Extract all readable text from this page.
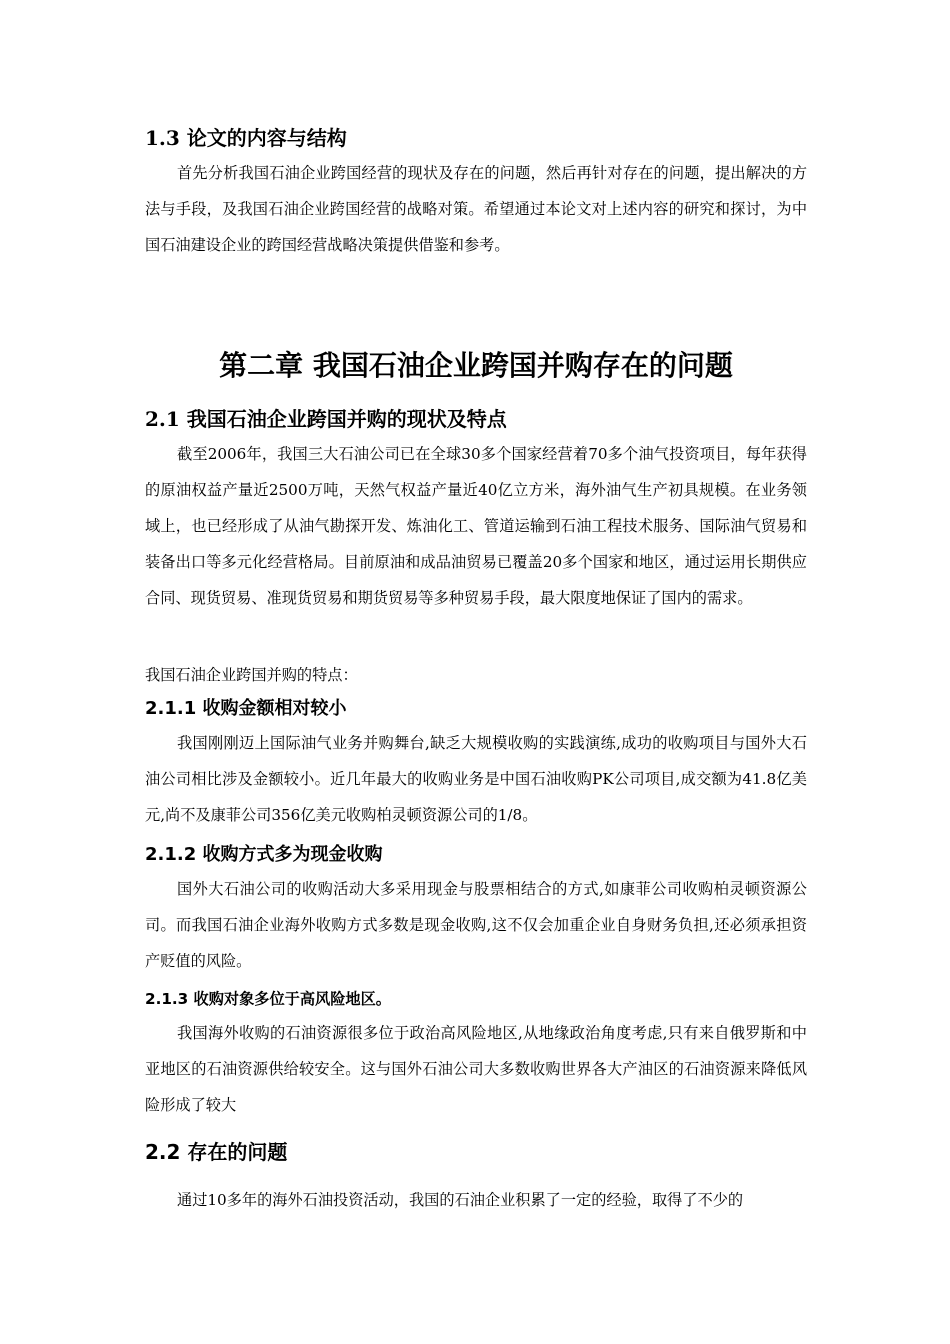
1.3 论文的内容与结构

首先分析我国石油企业跨国经营的现状及存在的问题，然后再针对存在的问题，提出解决的方法与手段，及我国石油企业跨国经营的战略对策。希望通过本论文对上述内容的研究和探讨，为中国石油建设企业的跨国经营战略决策提供借鉴和参考。

第二章 我国石油企业跨国并购存在的问题
2.1 我国石油企业跨国并购的现状及特点

截至2006年，我国三大石油公司已在全球30多个国家经营着70多个油气投资项目，每年获得的原油权益产量近2500万吨，天然气权益产量近40亿立方米，海外油气生产初具规模。在业务领域上，也已经形成了从油气勘探开发、炼油化工、管道运输到石油工程技术服务、国际油气贸易和装备出口等多元化经营格局。目前原油和成品油贸易已覆盖20多个国家和地区，通过运用长期供应合同、现货贸易、准现货贸易和期货贸易等多种贸易手段，最大限度地保证了国内的需求。

我国石油企业跨国并购的特点：

2.1.1 收购金额相对较小

我国刚刚迈上国际油气业务并购舞台,缺乏大规模收购的实践演练,成功的收购项目与国外大石油公司相比涉及金额较小。近几年最大的收购业务是中国石油收购PK公司项目,成交额为41.8亿美元,尚不及康菲公司356亿美元收购柏灵顿资源公司的1/8。

2.1.2 收购方式多为现金收购

国外大石油公司的收购活动大多采用现金与股票相结合的方式,如康菲公司收购柏灵顿资源公司。而我国石油企业海外收购方式多数是现金收购,这不仅会加重企业自身财务负担,还必须承担资产贬值的风险。

2.1.3 收购对象多位于高风险地区。

我国海外收购的石油资源很多位于政治高风险地区,从地缘政治角度考虑,只有来自俄罗斯和中亚地区的石油资源供给较安全。这与国外石油公司大多数收购世界各大产油区的石油资源来降低风险形成了较大

2.2 存在的问题

通过10多年的海外石油投资活动，我国的石油企业积累了一定的经验，取得了不少的
